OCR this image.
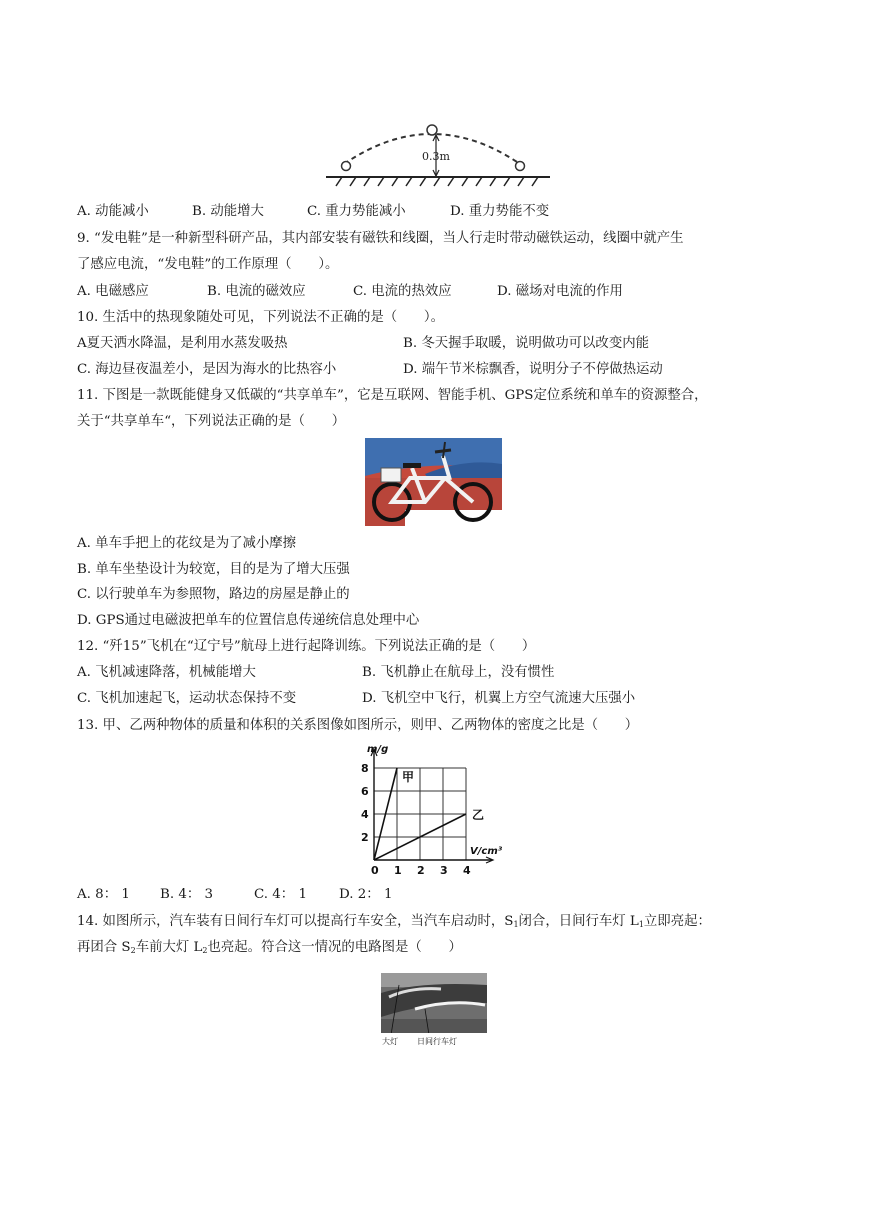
0.3m
A. 动能减小	B. 动能增大	C. 重力势能减小	D. 重力势能不变
9. “发电鞋”是一种新型科研产品，其内部安装有磁铁和线圈，当人行走时带动磁铁运动，线圈中就产生
了感应电流，“发电鞋”的工作原理（　　）。
A. 电磁感应	B. 电流的磁效应	C. 电流的热效应	D. 磁场对电流的作用
10. 生活中的热现象随处可见，下列说法不正确的是（　　）。
A夏天洒水降温，是利用水蒸发吸热	B. 冬天握手取暖，说明做功可以改变内能
C. 海边昼夜温差小，是因为海水的比热容小	D. 端午节米棕飘香，说明分子不停做热运动
11. 下图是一款既能健身又低碳的“共享单车”，它是互联网、智能手机、GPS定位系统和单车的资源整合，
关于“共享单车“，下列说法正确的是（　　）
A. 单车手把上的花纹是为了减小摩擦
B. 单车坐垫设计为较宽，目的是为了增大压强
C. 以行驶单车为参照物，路边的房屋是静止的
D. GPS通过电磁波把单车的位置信息传递统信息处理中心
12. “歼15”飞机在“辽宁号”航母上进行起降训练。下列说法正确的是（　　）
A. 飞机减速降落，机械能增大	B. 飞机静止在航母上，没有惯性
C. 飞机加速起飞，运动状态保持不变	D. 飞机空中飞行，机翼上方空气流速大压强小
13. 甲、乙两种物体的质量和体积的关系图像如图所示，则甲、乙两物体的密度之比是（　　）
0 1 2 3 4
2
4
6
8
m/g
V/cm³
甲
乙
A. 8： 1 B. 4： 3	C. 4： 1 D. 2： 1
14. 如图所示，汽车装有日间行车灯可以提高行车安全，当汽车启动时，$S_1$闭合，日间行车灯 $L_1$立即亮起：
再团合 $S_2$车前大灯 $L_2$也亮起。符合这一情况的电路图是（　　）
大灯 日间行车灯
